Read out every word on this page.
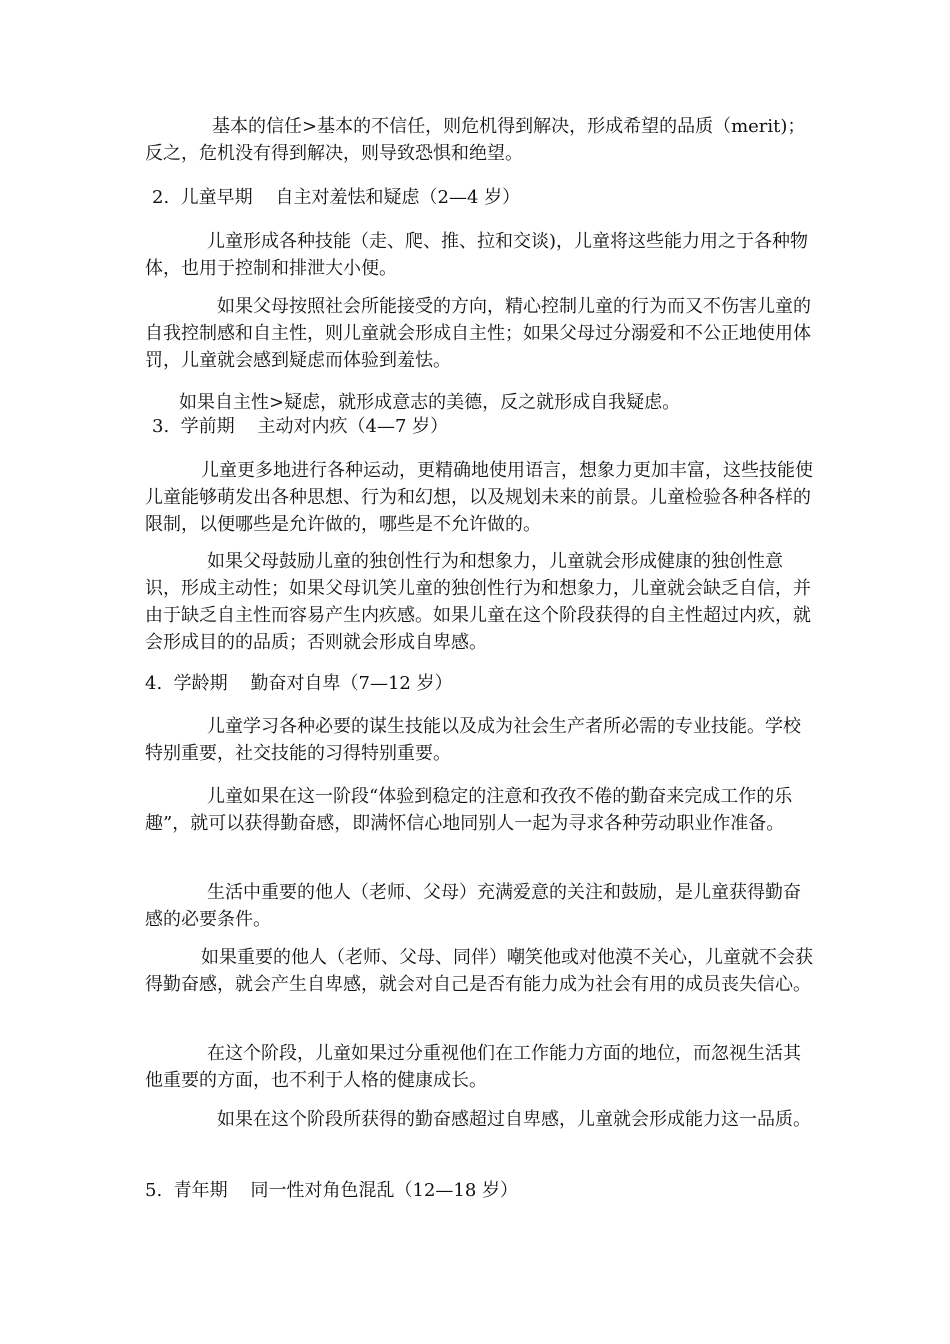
基本的信任>基本的不信任，则危机得到解决，形成希望的品质（merit)；反之，危机没有得到解决，则导致恐惧和绝望。

2.  儿童早期    自主对羞怯和疑虑（2—4 岁）

儿童形成各种技能（走、爬、推、拉和交谈)，儿童将这些能力用之于各种物体，也用于控制和排泄大小便。

如果父母按照社会所能接受的方向，精心控制儿童的行为而又不伤害儿童的自我控制感和自主性，则儿童就会形成自主性；如果父母过分溺爱和不公正地使用体罚，儿童就会感到疑虑而体验到羞怯。

如果自主性>疑虑，就形成意志的美德，反之就形成自我疑虑。

3.  学前期    主动对内疚（4—7 岁）

儿童更多地进行各种运动，更精确地使用语言，想象力更加丰富，这些技能使儿童能够萌发出各种思想、行为和幻想，以及规划未来的前景。儿童检验各种各样的限制，以便哪些是允许做的，哪些是不允许做的。

如果父母鼓励儿童的独创性行为和想象力，儿童就会形成健康的独创性意识，形成主动性；如果父母讥笑儿童的独创性行为和想象力，儿童就会缺乏自信，并由于缺乏自主性而容易产生内疚感。如果儿童在这个阶段获得的自主性超过内疚，就会形成目的的品质；否则就会形成自卑感。

4.  学龄期    勤奋对自卑（7—12 岁）

儿童学习各种必要的谋生技能以及成为社会生产者所必需的专业技能。学校特别重要，社交技能的习得特别重要。

儿童如果在这一阶段“体验到稳定的注意和孜孜不倦的勤奋来完成工作的乐趣”，就可以获得勤奋感，即满怀信心地同别人一起为寻求各种劳动职业作准备。

生活中重要的他人（老师、父母）充满爱意的关注和鼓励，是儿童获得勤奋感的必要条件。

如果重要的他人（老师、父母、同伴）嘲笑他或对他漠不关心，儿童就不会获得勤奋感，就会产生自卑感，就会对自己是否有能力成为社会有用的成员丧失信心。

在这个阶段，儿童如果过分重视他们在工作能力方面的地位，而忽视生活其他重要的方面，也不利于人格的健康成长。

如果在这个阶段所获得的勤奋感超过自卑感，儿童就会形成能力这一品质。

5.  青年期    同一性对角色混乱（12—18 岁）
